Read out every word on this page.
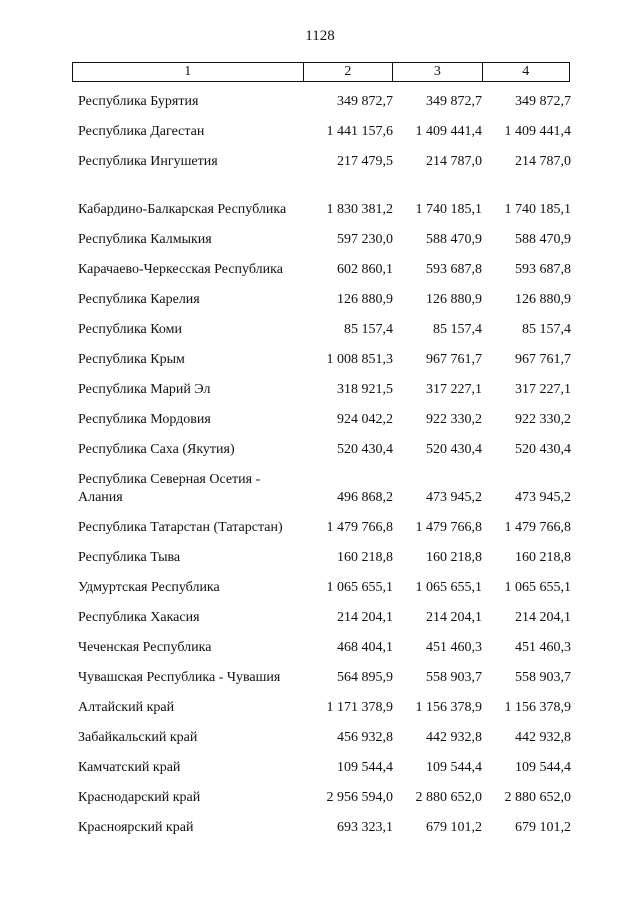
1128
1	2	3	4
Республика Бурятия	349 872,7	349 872,7	349 872,7
Республика Дагестан	1 441 157,6	1 409 441,4	1 409 441,4
Республика Ингушетия	217 479,5	214 787,0	214 787,0
Кабардино-Балкарская Республика	1 830 381,2	1 740 185,1	1 740 185,1
Республика Калмыкия	597 230,0	588 470,9	588 470,9
Карачаево-Черкесская Республика	602 860,1	593 687,8	593 687,8
Республика Карелия	126 880,9	126 880,9	126 880,9
Республика Коми	85 157,4	85 157,4	85 157,4
Республика Крым	1 008 851,3	967 761,7	967 761,7
Республика Марий Эл	318 921,5	317 227,1	317 227,1
Республика Мордовия	924 042,2	922 330,2	922 330,2
Республика Саха (Якутия)	520 430,4	520 430,4	520 430,4
Республика Северная Осетия - Алания	496 868,2	473 945,2	473 945,2
Республика Татарстан (Татарстан)	1 479 766,8	1 479 766,8	1 479 766,8
Республика Тыва	160 218,8	160 218,8	160 218,8
Удмуртская Республика	1 065 655,1	1 065 655,1	1 065 655,1
Республика Хакасия	214 204,1	214 204,1	214 204,1
Чеченская Республика	468 404,1	451 460,3	451 460,3
Чувашская Республика - Чувашия	564 895,9	558 903,7	558 903,7
Алтайский край	1 171 378,9	1 156 378,9	1 156 378,9
Забайкальский край	456 932,8	442 932,8	442 932,8
Камчатский край	109 544,4	109 544,4	109 544,4
Краснодарский край	2 956 594,0	2 880 652,0	2 880 652,0
Красноярский край	693 323,1	679 101,2	679 101,2
